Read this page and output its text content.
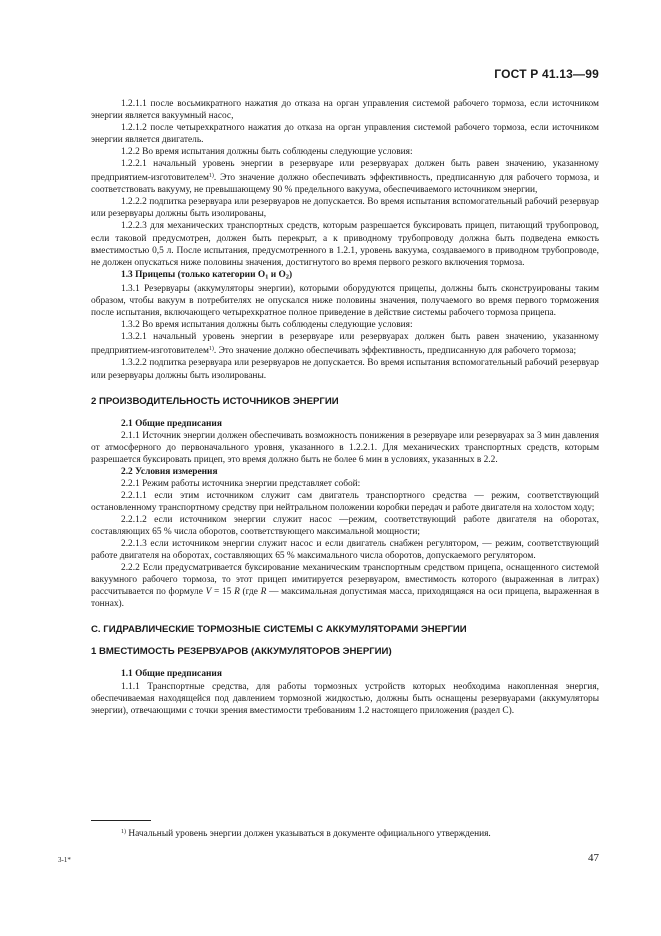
ГОСТ Р 41.13—99

1.2.1.1 после восьмикратного нажатия до отказа на орган управления системой рабочего тормоза, если источником энергии является вакуумный насос,

1.2.1.2 после четырехкратного нажатия до отказа на орган управления системой рабочего тормоза, если источником энергии является двигатель.

1.2.2 Во время испытания должны быть соблюдены следующие условия:

1.2.2.1 начальный уровень энергии в резервуаре или резервуарах должен быть равен значению, указанному предприятием-изготовителем$^{1)}$. Это значение должно обеспечивать эффективность, предписанную для рабочего тормоза, и соответствовать вакууму, не превышающему 90 % предельного вакуума, обеспечиваемого источником энергии,

1.2.2.2 подпитка резервуара или резервуаров не допускается. Во время испытания вспомогательный рабочий резервуар или резервуары должны быть изолированы,

1.2.2.3 для механических транспортных средств, которым разрешается буксировать прицеп, питающий трубопровод, если таковой предусмотрен, должен быть перекрыт, а к приводному трубопроводу должна быть подведена емкость вместимостью 0,5 л. После испытания, предусмотренного в 1.2.1, уровень вакуума, создаваемого в приводном трубопроводе, не должен опускаться ниже половины значения, достигнутого во время первого резкого включения тормоза.

1.3 Прицепы (только категории О1 и О2)

1.3.1 Резервуары (аккумуляторы энергии), которыми оборудуются прицепы, должны быть сконструированы таким образом, чтобы вакуум в потребителях не опускался ниже половины значения, получаемого во время первого торможения после испытания, включающего четырехкратное полное приведение в действие системы рабочего тормоза прицепа.

1.3.2 Во время испытания должны быть соблюдены следующие условия:

1.3.2.1 начальный уровень энергии в резервуаре или резервуарах должен быть равен значению, указанному предприятием-изготовителем$^{1)}$. Это значение должно обеспечивать эффективность, предписанную для рабочего тормоза;

1.3.2.2 подпитка резервуара или резервуаров не допускается. Во время испытания вспомогательный рабочий резервуар или резервуары должны быть изолированы.

2 ПРОИЗВОДИТЕЛЬНОСТЬ ИСТОЧНИКОВ ЭНЕРГИИ

2.1 Общие предписания

2.1.1 Источник энергии должен обеспечивать возможность понижения в резервуаре или резервуарах за 3 мин давления от атмосферного до первоначального уровня, указанного в 1.2.2.1. Для механических транспортных средств, которым разрешается буксировать прицеп, это время должно быть не более 6 мин в условиях, указанных в 2.2.

2.2 Условия измерения

2.2.1 Режим работы источника энергии представляет собой:

2.2.1.1 если этим источником служит сам двигатель транспортного средства — режим, соответствующий остановленному транспортному средству при нейтральном положении коробки передач и работе двигателя на холостом ходу;

2.2.1.2 если источником энергии служит насос —режим, соответствующий работе двигателя на оборотах, составляющих 65 % числа оборотов, соответствующего максимальной мощности;

2.2.1.3 если источником энергии служит насос и если двигатель снабжен регулятором, — режим, соответствующий работе двигателя на оборотах, составляющих 65 % максимального числа оборотов, допускаемого регулятором.

2.2.2 Если предусматривается буксирование механическим транспортным средством прицепа, оснащенного системой вакуумного рабочего тормоза, то этот прицеп имитируется резервуаром, вместимость которого (выраженная в литрах) рассчитывается по формуле V = 15 R (где R — максимальная допустимая масса, приходящаяся на оси прицепа, выраженная в тоннах).

С. ГИДРАВЛИЧЕСКИЕ ТОРМОЗНЫЕ СИСТЕМЫ С АККУМУЛЯТОРАМИ ЭНЕРГИИ
1 ВМЕСТИМОСТЬ РЕЗЕРВУАРОВ (АККУМУЛЯТОРОВ ЭНЕРГИИ)

1.1 Общие предписания

1.1.1 Транспортные средства, для работы тормозных устройств которых необходима накопленная энергия, обеспечиваемая находящейся под давлением тормозной жидкостью, должны быть оснащены резервуарами (аккумуляторы энергии), отвечающими с точки зрения вместимости требованиям 1.2 настоящего приложения (раздел С).

$^{1)}$ Начальный уровень энергии должен указываться в документе официального утверждения.
3-1*	47
